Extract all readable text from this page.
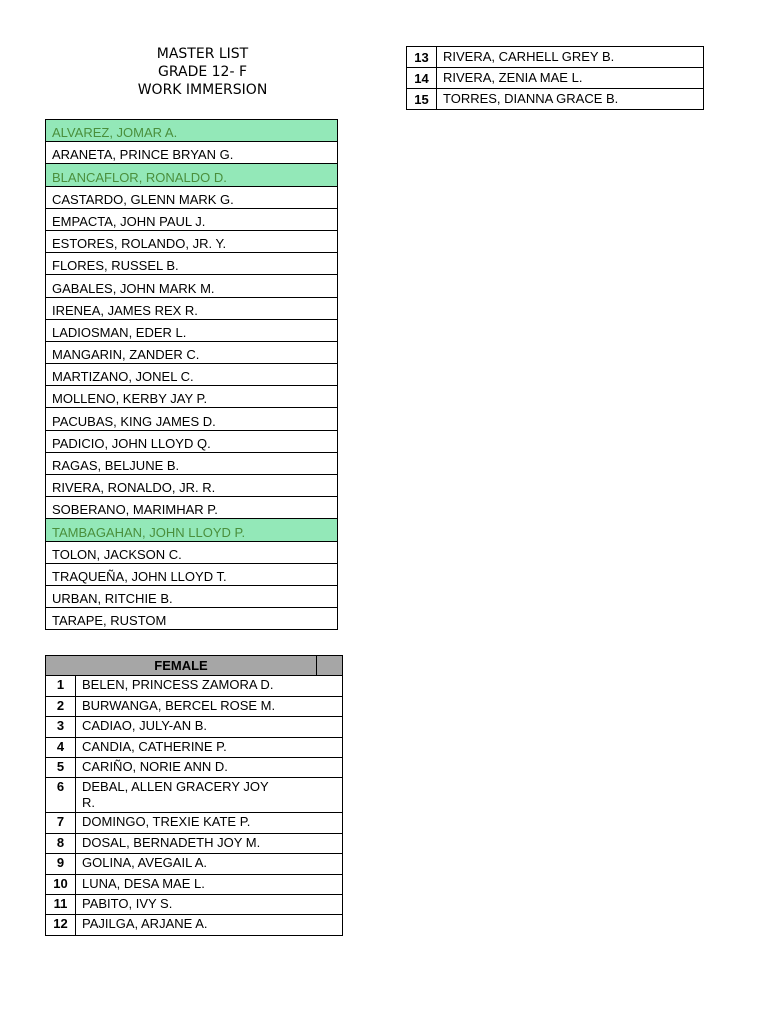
MASTER LIST
GRADE 12- F
WORK IMMERSION
ALVAREZ, JOMAR A.
ARANETA, PRINCE BRYAN G.
BLANCAFLOR, RONALDO D.
CASTARDO, GLENN MARK G.
EMPACTA, JOHN PAUL J.
ESTORES, ROLANDO, JR. Y.
FLORES, RUSSEL B.
GABALES, JOHN MARK M.
IRENEA, JAMES REX R.
LADIOSMAN, EDER L.
MANGARIN, ZANDER C.
MARTIZANO, JONEL C.
MOLLENO, KERBY JAY P.
PACUBAS, KING JAMES D.
PADICIO, JOHN LLOYD Q.
RAGAS, BELJUNE B.
RIVERA, RONALDO, JR. R.
SOBERANO, MARIMHAR P.
TAMBAGAHAN, JOHN LLOYD P.
TOLON, JACKSON C.
TRAQUEÑA, JOHN LLOYD T.
URBAN, RITCHIE B.
TARAPE, RUSTOM
FEMALE		
1	BELEN, PRINCESS ZAMORA D.	
2	BURWANGA, BERCEL ROSE M.	
3	CADIAO, JULY-AN B.	
4	CANDIA, CATHERINE P.	
5	CARIÑO, NORIE ANN D.	
6	DEBAL, ALLEN GRACERY JOY R.	
7	DOMINGO, TREXIE KATE P.	
8	DOSAL, BERNADETH JOY M.	
9	GOLINA, AVEGAIL A.	
10	LUNA, DESA MAE L.	
11	PABITO, IVY S.	
12	PAJILGA, ARJANE A.	
13	RIVERA, CARHELL GREY B.
14	RIVERA, ZENIA MAE L.
15	TORRES, DIANNA GRACE B.
